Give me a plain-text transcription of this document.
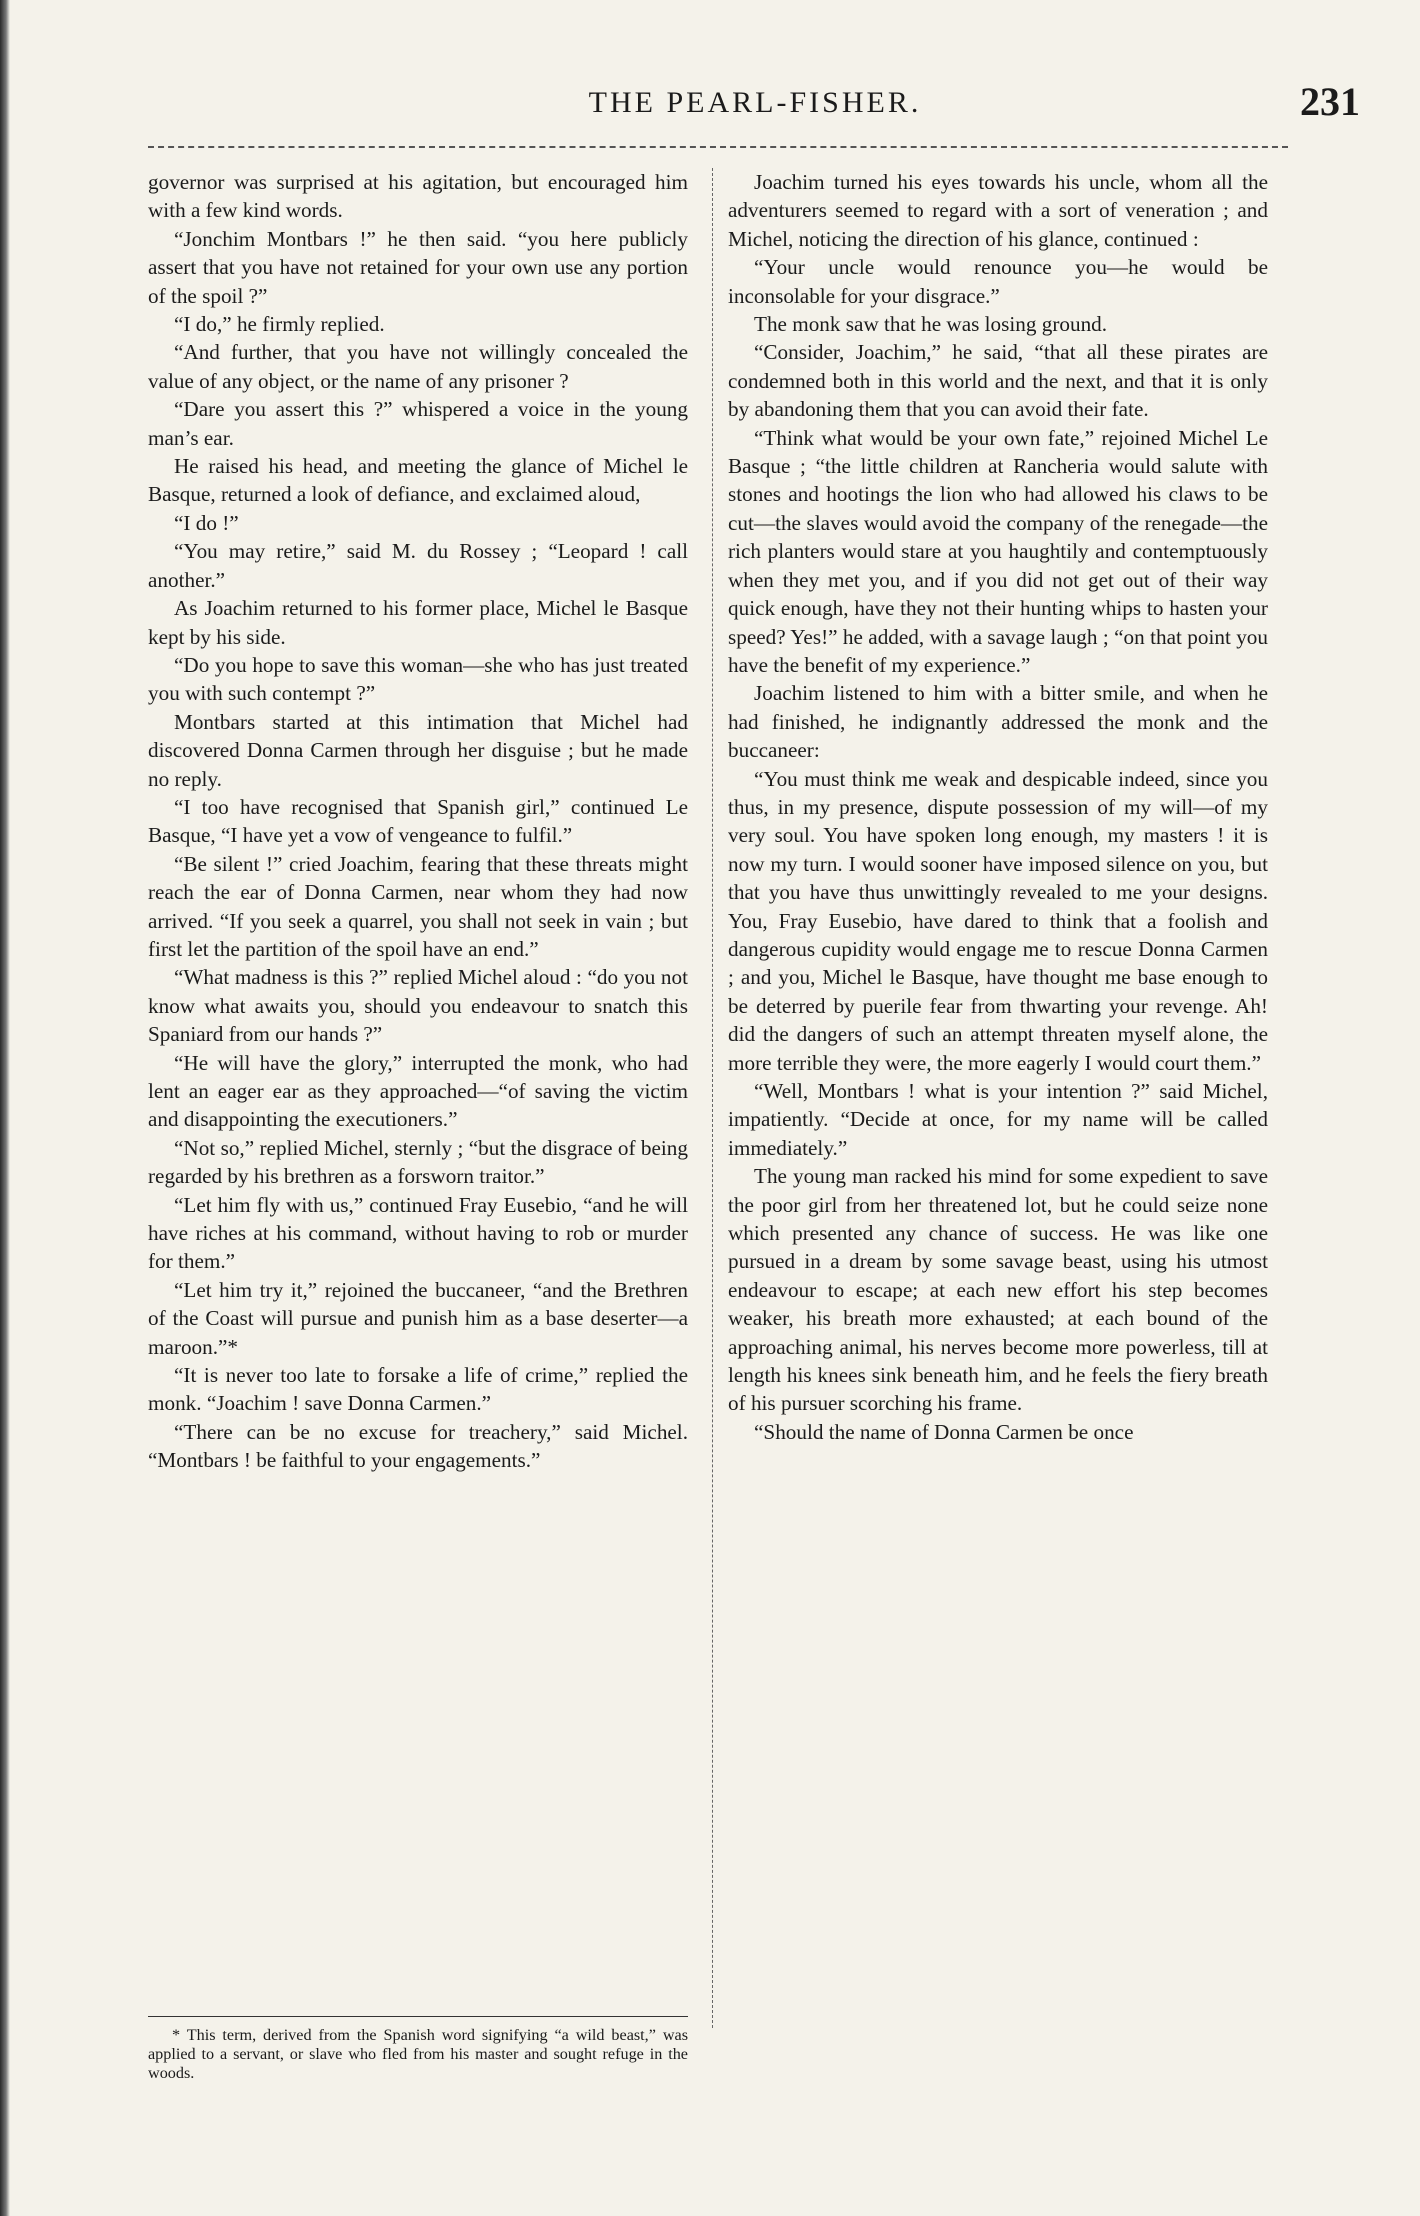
THE PEARL-FISHER.	231

governor was surprised at his agitation, but encouraged him with a few kind words.

“Jonchim Montbars !” he then said. “you here publicly assert that you have not retained for your own use any portion of the spoil ?”

“I do,” he firmly replied.

“And further, that you have not willingly concealed the value of any object, or the name of any prisoner ?

“Dare you assert this ?” whispered a voice in the young man’s ear.

He raised his head, and meeting the glance of Michel le Basque, returned a look of defiance, and exclaimed aloud,

“I do !”

“You may retire,” said M. du Rossey ; “Leopard ! call another.”

As Joachim returned to his former place, Michel le Basque kept by his side.

“Do you hope to save this woman—she who has just treated you with such contempt ?”

Montbars started at this intimation that Michel had discovered Donna Carmen through her disguise ; but he made no reply.

“I too have recognised that Spanish girl,” continued Le Basque, “I have yet a vow of vengeance to fulfil.”

“Be silent !” cried Joachim, fearing that these threats might reach the ear of Donna Carmen, near whom they had now arrived. “If you seek a quarrel, you shall not seek in vain ; but first let the partition of the spoil have an end.”

“What madness is this ?” replied Michel aloud : “do you not know what awaits you, should you endeavour to snatch this Spaniard from our hands ?”

“He will have the glory,” interrupted the monk, who had lent an eager ear as they approached—“of saving the victim and disappointing the executioners.”

“Not so,” replied Michel, sternly ; “but the disgrace of being regarded by his brethren as a forsworn traitor.”

“Let him fly with us,” continued Fray Eusebio, “and he will have riches at his command, without having to rob or murder for them.”

“Let him try it,” rejoined the buccaneer, “and the Brethren of the Coast will pursue and punish him as a base deserter—a maroon.”*

“It is never too late to forsake a life of crime,” replied the monk. “Joachim ! save Donna Carmen.”

“There can be no excuse for treachery,” said Michel. “Montbars ! be faithful to your engagements.”

Joachim turned his eyes towards his uncle, whom all the adventurers seemed to regard with a sort of veneration ; and Michel, noticing the direction of his glance, continued :

“Your uncle would renounce you—he would be inconsolable for your disgrace.”

The monk saw that he was losing ground.

“Consider, Joachim,” he said, “that all these pirates are condemned both in this world and the next, and that it is only by abandoning them that you can avoid their fate.

“Think what would be your own fate,” rejoined Michel Le Basque ; “the little children at Rancheria would salute with stones and hootings the lion who had allowed his claws to be cut—the slaves would avoid the company of the renegade—the rich planters would stare at you haughtily and contemptuously when they met you, and if you did not get out of their way quick enough, have they not their hunting whips to hasten your speed? Yes!” he added, with a savage laugh ; “on that point you have the benefit of my experience.”

Joachim listened to him with a bitter smile, and when he had finished, he indignantly addressed the monk and the buccaneer:

“You must think me weak and despicable indeed, since you thus, in my presence, dispute possession of my will—of my very soul. You have spoken long enough, my masters ! it is now my turn. I would sooner have imposed silence on you, but that you have thus unwittingly revealed to me your designs. You, Fray Eusebio, have dared to think that a foolish and dangerous cupidity would engage me to rescue Donna Carmen ; and you, Michel le Basque, have thought me base enough to be deterred by puerile fear from thwarting your revenge. Ah! did the dangers of such an attempt threaten myself alone, the more terrible they were, the more eagerly I would court them.”

“Well, Montbars ! what is your intention ?” said Michel, impatiently. “Decide at once, for my name will be called immediately.”

The young man racked his mind for some expedient to save the poor girl from her threatened lot, but he could seize none which presented any chance of success. He was like one pursued in a dream by some savage beast, using his utmost endeavour to escape; at each new effort his step becomes weaker, his breath more exhausted; at each bound of the approaching animal, his nerves become more powerless, till at length his knees sink beneath him, and he feels the fiery breath of his pursuer scorching his frame.

“Should the name of Donna Carmen be once

* This term, derived from the Spanish word signifying “a wild beast,” was applied to a servant, or slave who fled from his master and sought refuge in the woods.
